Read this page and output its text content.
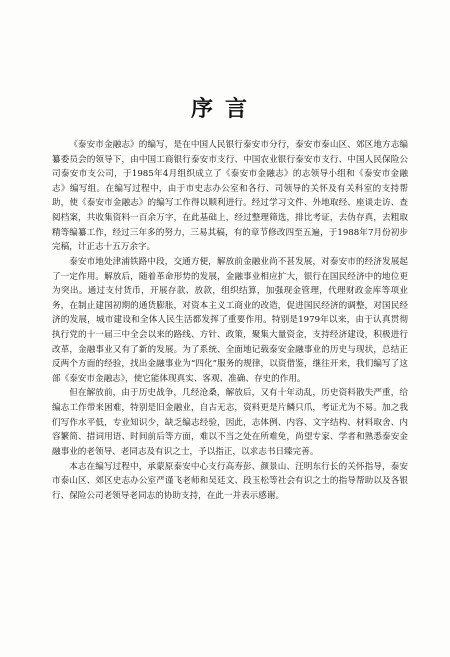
序言

《泰安市金融志》的编写，是在中国人民银行泰安市分行，泰安市泰山区、郊区地方志编纂委员会的领导下，由中国工商银行泰安市支行、中国农业银行泰安市支行、中国人民保险公司泰安市支公司，于1985年4月组织成立了《泰安市金融志》的志领导小组和《泰安市金融志》编写组。在编写过程中，由于市史志办公室和各行、司领导的关怀及有关科室的支持帮助，使《泰安市金融志》的编写工作得以顺利进行。经过学习文件、外地取经、座谈走访、查阅档案，共收集资料一百余万字，在此基础上，经过整理筛选，排比考证，去伪存真，去粗取精等编纂工作，经过三年多的努力，三易其稿，有的章节修改四至五遍，于1988年7月份初步完稿，计正志十五万余字。

泰安市地处津浦铁路中段，交通方便，解放前金融业尚不甚发展，对泰安市的经济发展起了一定作用。解放后，随着革命形势的发展，金融事业相应扩大，银行在国民经济中的地位更为突出。通过支付货币，开展存款、放款，组织结算，加强现金管理，代理财政金库等项业务，在制止建国初期的通货膨胀，对资本主义工商业的改造，促进国民经济的调整，对国民经济的发展，城市建设和全体人民生活都发挥了重要作用。特别是1979年以来，由于认真贯彻执行党的十一届三中全会以来的路线、方针、政策，聚集大量资金，支持经济建设，积极进行改革，金融事业又有了新的发展。为了系统、全面地记载泰安金融事业的历史与现状，总结正反两个方面的经验，找出金融事业为“四化”服务的规律，以资借鉴，继往开来，我们编写了这部《泰安市金融志》，使它能体现真实、客观、准确、存史的作用。

但在解放前，由于历史战争，几经沧桑，解放后，又有十年动乱，历史资料散失严重，给编志工作带来困难，特别是旧金融业，自古无志，资料更是片鳞只爪，考证尤为不易。加之我们写作水平低，专业知识少，缺乏编志经验，因此，志体例、内容、文字结构、材料取舍、内容繁简、措词用语、时间前后等方面，难以不当之处在所难免，尚望专家、学者和熟悉泰安金融事业的老领导、老同志及有识之士，予以指正，以求志书日臻完善。

本志在编写过程中，承蒙原泰安中心支行高寿彭、颜景山、汪明东行长的关怀指导，泰安市泰山区、郊区史志办公室严谨飞老师和吴廷文、段玉松等社会有识之士的指导帮助以及各银行、保险公司老领导老同志的协助支持，在此一并表示感谢。
